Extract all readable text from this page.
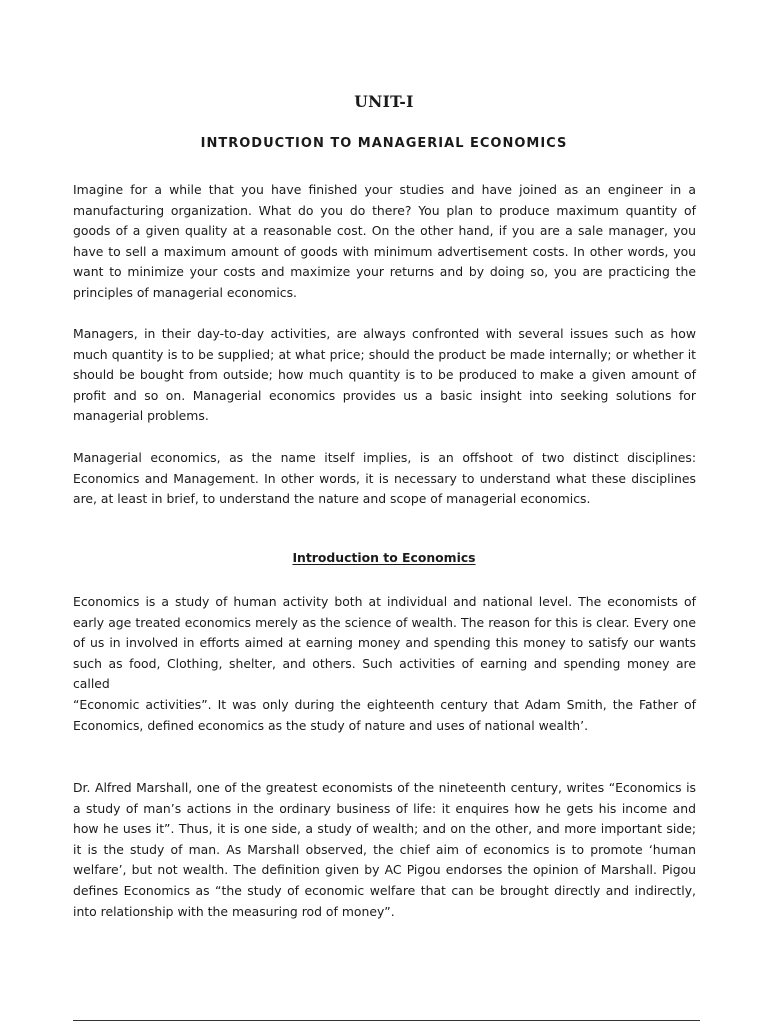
UNIT-I
INTRODUCTION TO MANAGERIAL ECONOMICS

Imagine for a while that you have finished your studies and have joined as an engineer in a manufacturing organization. What do you do there? You plan to produce maximum quantity of goods of a given quality at a reasonable cost. On the other hand, if you are a sale manager, you have to sell a maximum amount of goods with minimum advertisement costs. In other words, you want to minimize your costs and maximize your returns and by doing so, you are practicing the principles of managerial economics.

Managers, in their day-to-day activities, are always confronted with several issues such as how much quantity is to be supplied; at what price; should the product be made internally; or whether it should be bought from outside; how much quantity is to be produced to make a given amount of profit and so on. Managerial economics provides us a basic insight into seeking solutions for managerial problems.

Managerial economics, as the name itself implies, is an offshoot of two distinct disciplines: Economics and Management. In other words, it is necessary to understand what these disciplines are, at least in brief, to understand the nature and scope of managerial economics.

Introduction to Economics

Economics is a study of human activity both at individual and national level. The economists of early age treated economics merely as the science of wealth. The reason for this is clear. Every one of us in involved in efforts aimed at earning money and spending this money to satisfy our wants such as food, Clothing, shelter, and others. Such activities of earning and spending money are called
“Economic activities”. It was only during the eighteenth century that Adam Smith, the Father of Economics, defined economics as the study of nature and uses of national wealth’.

Dr. Alfred Marshall, one of the greatest economists of the nineteenth century, writes “Economics is a study of man’s actions in the ordinary business of life: it enquires how he gets his income and how he uses it”. Thus, it is one side, a study of wealth; and on the other, and more important side; it is the study of man. As Marshall observed, the chief aim of economics is to promote ‘human welfare’, but not wealth. The definition given by AC Pigou endorses the opinion of Marshall. Pigou defines Economics as “the study of economic welfare that can be brought directly and indirectly, into relationship with the measuring rod of money”.
